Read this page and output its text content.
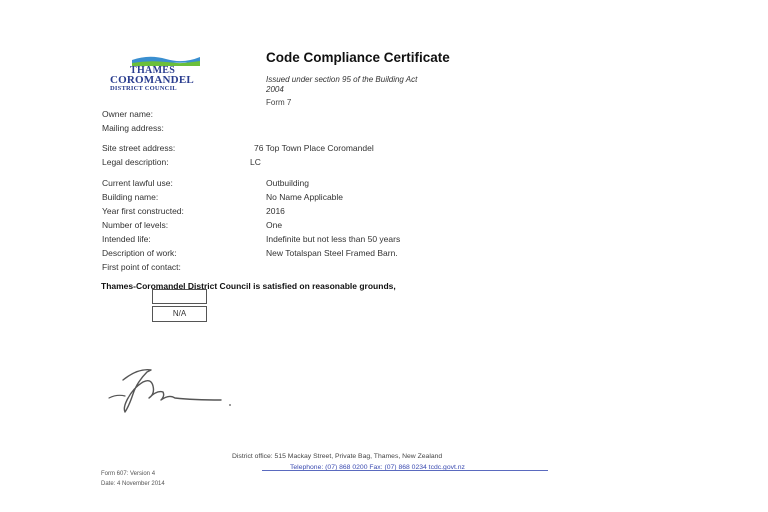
THAMES
COROMANDEL
DISTRICT COUNCIL
Code Compliance Certificate
Issued under section 95 of the Building Act
2004
Form 7
Owner name:
Mailing address:
Site street address:	76 Top Town Place Coromandel
Legal description:	LC
Current lawful use:	Outbuilding
Building name:	No Name Applicable
Year first constructed:	2016
Number of levels:	One
Intended life:	Indefinite but not less than 50 years
Description of work:	New Totalspan Steel Framed Barn.
First point of contact:
Thames-Coromandel District Council is satisfied on reasonable grounds,
N/A
District office: 515 Mackay Street, Private Bag, Thames, New Zealand
Telephone: (07) 868 0200 Fax: (07) 868 0234 tcdc.govt.nz
Form 607: Version 4
Date: 4 November 2014
